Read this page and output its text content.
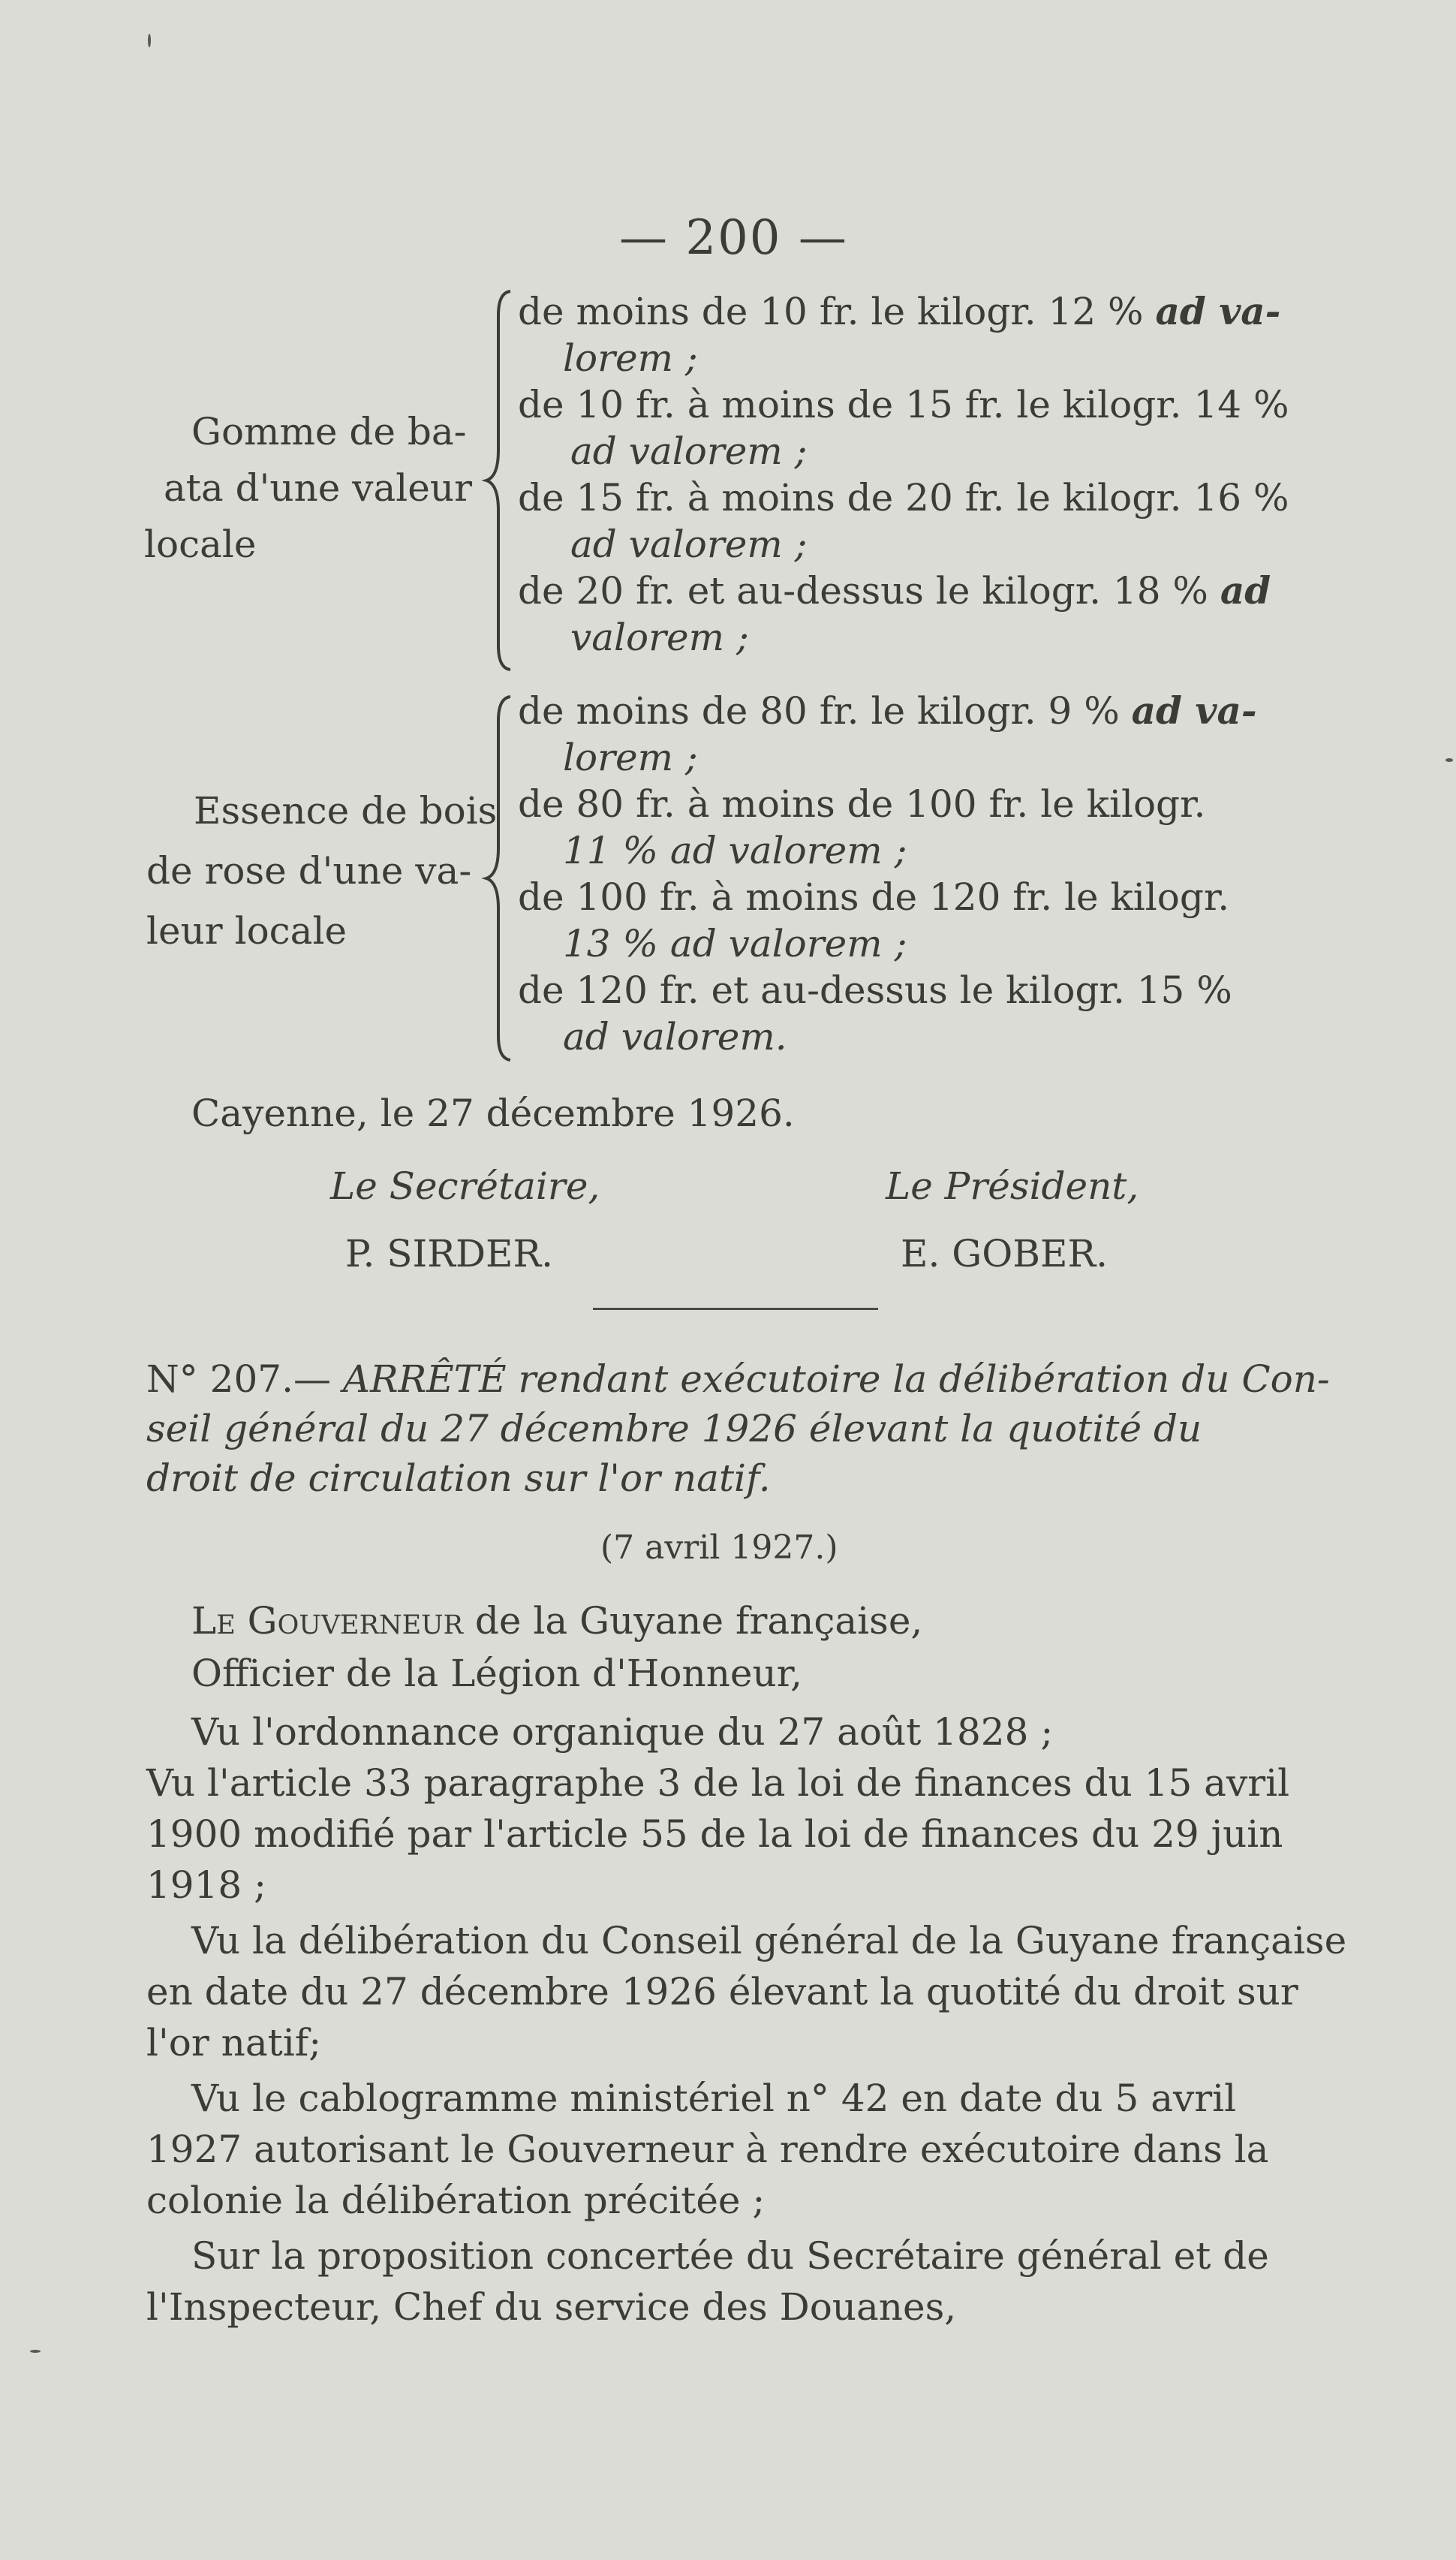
— 200 —
Gomme de ba-
ata d'une valeur
locale
de moins de 10 fr. le kilogr. 12 % ad va-
lorem ;
de 10 fr. à moins de 15 fr. le kilogr. 14 %
ad valorem ;
de 15 fr. à moins de 20 fr. le kilogr. 16 %
ad valorem ;
de 20 fr. et au-dessus le kilogr. 18 % ad
valorem ;
Essence de bois
de rose d'une va-
leur locale
de moins de 80 fr. le kilogr. 9 % ad va-
lorem ;
de 80 fr. à moins de 100 fr. le kilogr.
11 % ad valorem ;
de 100 fr. à moins de 120 fr. le kilogr.
13 % ad valorem ;
de 120 fr. et au-dessus le kilogr. 15 %
ad valorem.
Cayenne, le 27 décembre 1926.
Le Secrétaire,
P. SIRDER.
Le Président,
E. GOBER.
N° 207.— ARRÊTÉ rendant exécutoire la délibération du Con-
seil général du 27 décembre 1926 élevant la quotité du
droit de circulation sur l'or natif.
(7 avril 1927.)
Le Gouverneur de la Guyane française,
Officier de la Légion d'Honneur,
Vu l'ordonnance organique du 27 août 1828 ;
Vu l'article 33 paragraphe 3 de la loi de finances du 15 avril
1900 modifié par l'article 55 de la loi de finances du 29 juin
1918 ;
Vu la délibération du Conseil général de la Guyane française
en date du 27 décembre 1926 élevant la quotité du droit sur
l'or natif;
Vu le cablogramme ministériel n° 42 en date du 5 avril
1927 autorisant le Gouverneur à rendre exécutoire dans la
colonie la délibération précitée ;
Sur la proposition concertée du Secrétaire général et de
l'Inspecteur, Chef du service des Douanes,
